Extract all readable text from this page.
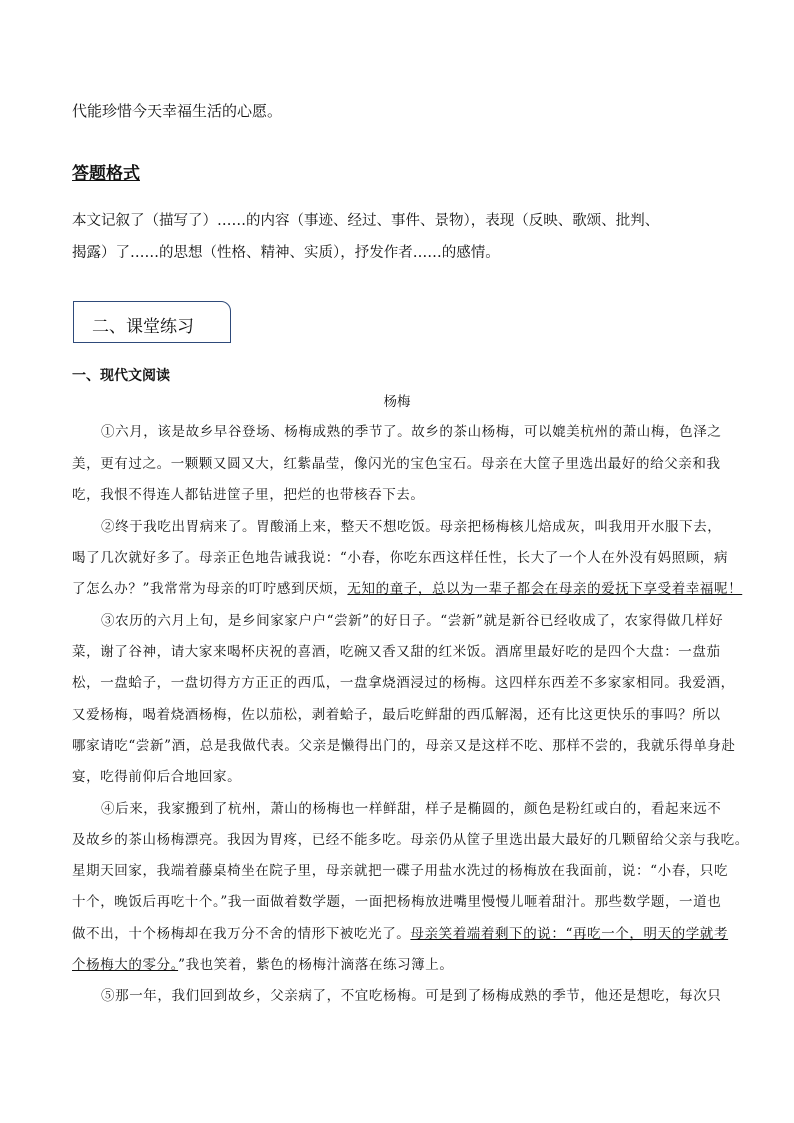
代能珍惜今天幸福生活的心愿。
答题格式
本文记叙了（描写了）……的内容（事迹、经过、事件、景物），表现（反映、歌颂、批判、
揭露）了……的思想（性格、精神、实质），抒发作者……的感情。
二、课堂练习
一、现代文阅读
杨梅
①六月，该是故乡早谷登场、杨梅成熟的季节了。故乡的茶山杨梅，可以媲美杭州的萧山梅，色泽之
美，更有过之。一颗颗又圆又大，红紫晶莹，像闪光的宝色宝石。母亲在大筐子里选出最好的给父亲和我
吃，我恨不得连人都钻进筐子里，把烂的也带核吞下去。
②终于我吃出胃病来了。胃酸涌上来，整天不想吃饭。母亲把杨梅核儿焙成灰，叫我用开水服下去，
喝了几次就好多了。母亲正色地告诫我说：“小春，你吃东西这样任性，长大了一个人在外没有妈照顾，病
了怎么办？”我常常为母亲的叮咛感到厌烦，无知的童子，总以为一辈子都会在母亲的爱抚下享受着幸福呢！
③农历的六月上旬，是乡间家家户户“尝新”的好日子。“尝新”就是新谷已经收成了，农家得做几样好
菜，谢了谷神，请大家来喝杯庆祝的喜酒，吃碗又香又甜的红米饭。酒席里最好吃的是四个大盘：一盘茄
松，一盘蛤子，一盘切得方方正正的西瓜，一盘拿烧酒浸过的杨梅。这四样东西差不多家家相同。我爱酒，
又爱杨梅，喝着烧酒杨梅，佐以茄松，剥着蛤子，最后吃鲜甜的西瓜解渴，还有比这更快乐的事吗？所以
哪家请吃“尝新”酒，总是我做代表。父亲是懒得出门的，母亲又是这样不吃、那样不尝的，我就乐得单身赴
宴，吃得前仰后合地回家。
④后来，我家搬到了杭州，萧山的杨梅也一样鲜甜，样子是椭圆的，颜色是粉红或白的，看起来远不
及故乡的茶山杨梅漂亮。我因为胃疼，已经不能多吃。母亲仍从筐子里选出最大最好的几颗留给父亲与我吃。
星期天回家，我端着藤桌椅坐在院子里，母亲就把一碟子用盐水洗过的杨梅放在我面前，说：“小春，只吃
十个，晚饭后再吃十个。”我一面做着数学题，一面把杨梅放进嘴里慢慢儿咂着甜汁。那些数学题，一道也
做不出，十个杨梅却在我万分不舍的情形下被吃光了。母亲笑着端着剩下的说：“再吃一个，明天的学就考
个杨梅大的零分。”我也笑着，紫色的杨梅汁滴落在练习簿上。
⑤那一年，我们回到故乡，父亲病了，不宜吃杨梅。可是到了杨梅成熟的季节，他还是想吃，每次只
